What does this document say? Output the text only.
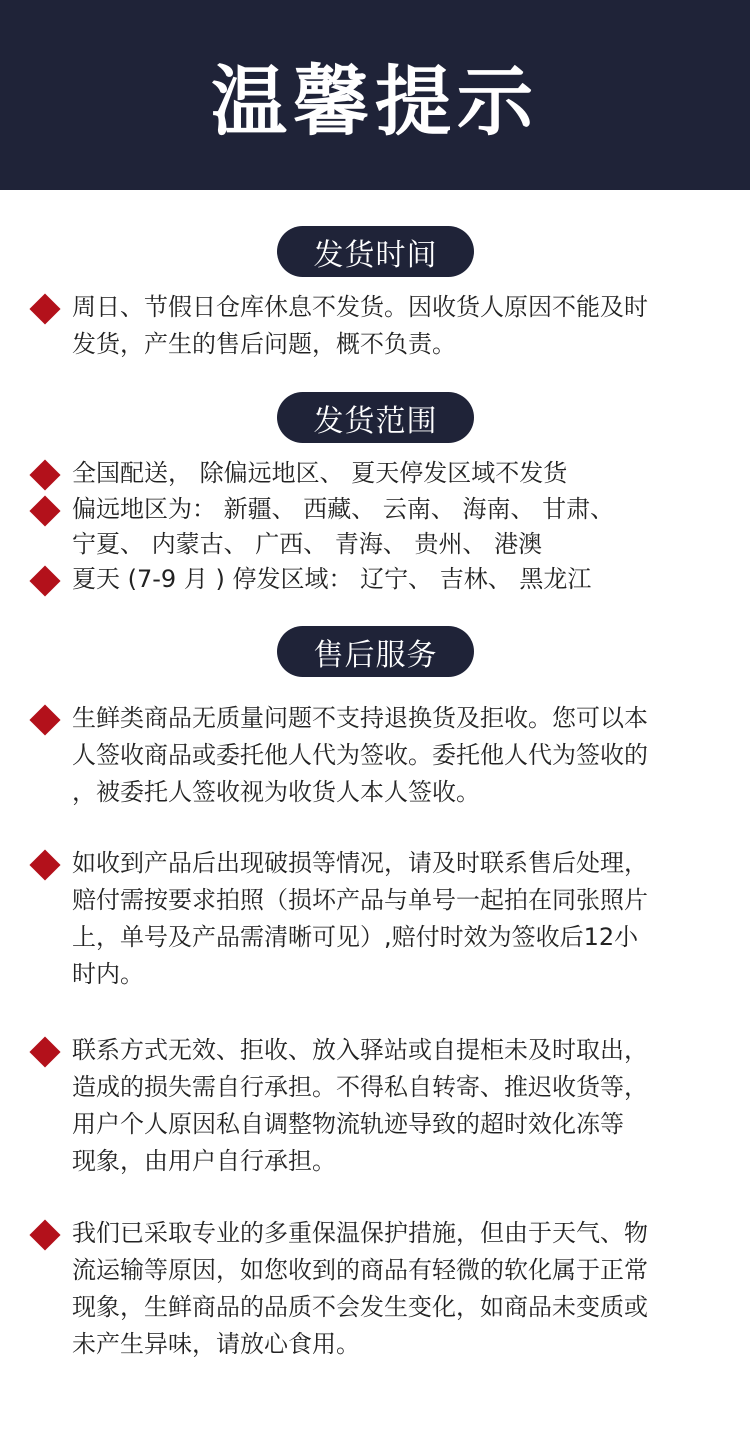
温馨提示
发货时间
周日、节假日仓库休息不发货。因收货人原因不能及时
发货，产生的售后问题，概不负责。
发货范围
全国配送， 除偏远地区、 夏天停发区域不发货
偏远地区为： 新疆、 西藏、 云南、 海南、 甘肃、
宁夏、 内蒙古、 广西、 青海、 贵州、 港澳
夏天 (7-9 月 ) 停发区域： 辽宁、 吉林、 黑龙江
售后服务
生鲜类商品无质量问题不支持退换货及拒收。您可以本
人签收商品或委托他人代为签收。委托他人代为签收的
，被委托人签收视为收货人本人签收。
如收到产品后出现破损等情况，请及时联系售后处理，
赔付需按要求拍照（损坏产品与单号一起拍在同张照片
上，单号及产品需清晰可见）,赔付时效为签收后12小
时内。
联系方式无效、拒收、放入驿站或自提柜未及时取出，
造成的损失需自行承担。不得私自转寄、推迟收货等，
用户个人原因私自调整物流轨迹导致的超时效化冻等
现象，由用户自行承担。
我们已采取专业的多重保温保护措施，但由于天气、物
流运输等原因，如您收到的商品有轻微的软化属于正常
现象，生鲜商品的品质不会发生变化，如商品未变质或
未产生异味，请放心食用。
